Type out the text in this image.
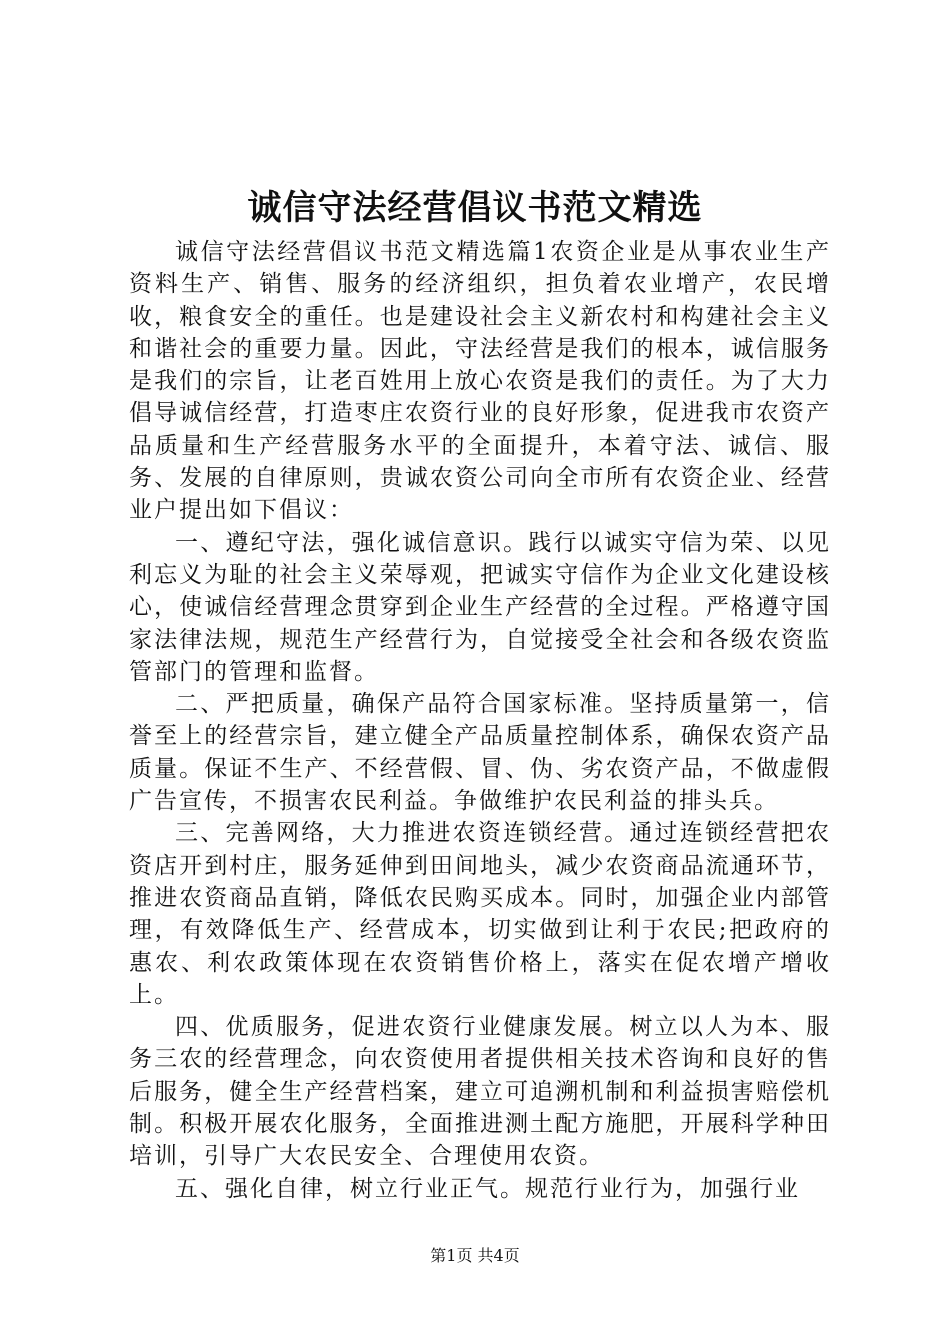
诚信守法经营倡议书范文精选

诚信守法经营倡议书范文精选篇1农资企业是从事农业生产资料生产、销售、服务的经济组织，担负着农业增产，农民增收，粮食安全的重任。也是建设社会主义新农村和构建社会主义和谐社会的重要力量。因此，守法经营是我们的根本，诚信服务是我们的宗旨，让老百姓用上放心农资是我们的责任。为了大力倡导诚信经营，打造枣庄农资行业的良好形象，促进我市农资产品质量和生产经营服务水平的全面提升，本着守法、诚信、服务、发展的自律原则，贵诚农资公司向全市所有农资企业、经营业户提出如下倡议：

一、遵纪守法，强化诚信意识。践行以诚实守信为荣、以见利忘义为耻的社会主义荣辱观，把诚实守信作为企业文化建设核心，使诚信经营理念贯穿到企业生产经营的全过程。严格遵守国家法律法规，规范生产经营行为，自觉接受全社会和各级农资监管部门的管理和监督。

二、严把质量，确保产品符合国家标准。坚持质量第一，信誉至上的经营宗旨，建立健全产品质量控制体系，确保农资产品质量。保证不生产、不经营假、冒、伪、劣农资产品，不做虚假广告宣传，不损害农民利益。争做维护农民利益的排头兵。

三、完善网络，大力推进农资连锁经营。通过连锁经营把农资店开到村庄，服务延伸到田间地头，减少农资商品流通环节，推进农资商品直销，降低农民购买成本。同时，加强企业内部管理，有效降低生产、经营成本，切实做到让利于农民;把政府的惠农、利农政策体现在农资销售价格上，落实在促农增产增收上。

四、优质服务，促进农资行业健康发展。树立以人为本、服务三农的经营理念，向农资使用者提供相关技术咨询和良好的售后服务，健全生产经营档案，建立可追溯机制和利益损害赔偿机制。积极开展农化服务，全面推进测土配方施肥，开展科学种田培训，引导广大农民安全、合理使用农资。

五、强化自律，树立行业正气。规范行业行为，加强行业

第1页 共4页
